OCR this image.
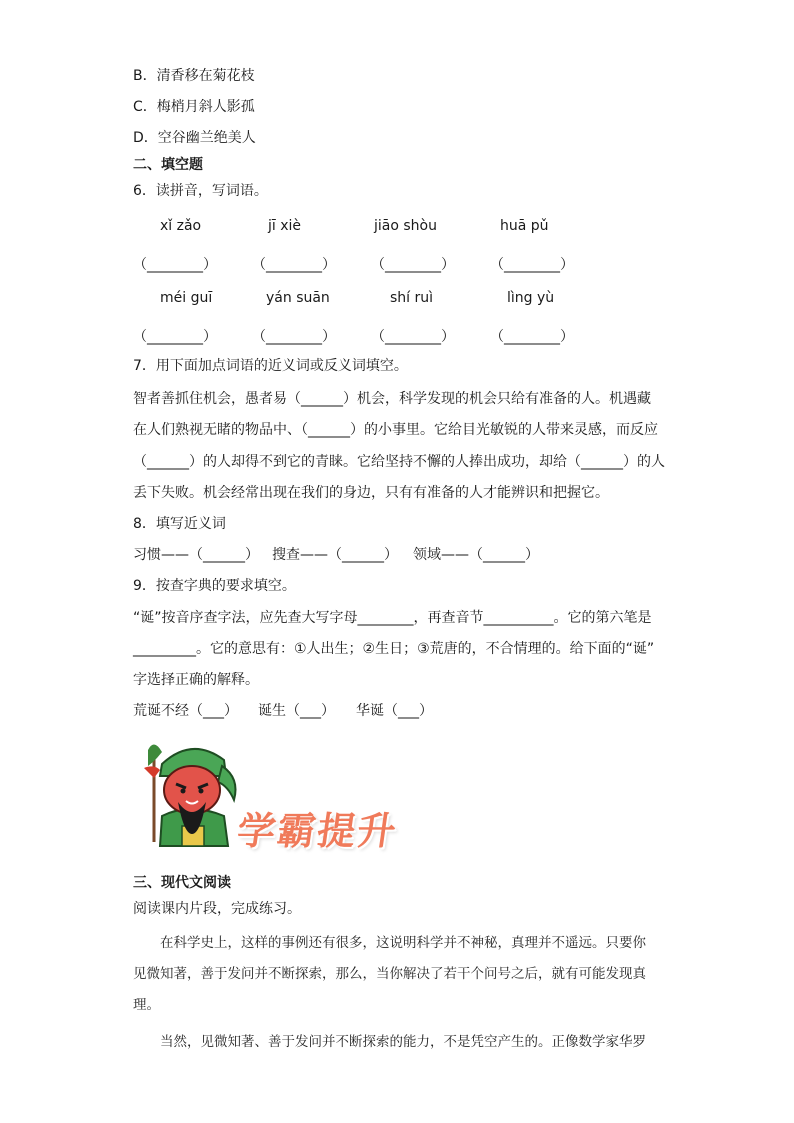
B．清香移在菊花枝
C．梅梢月斜人影孤
D．空谷幽兰绝美人
二、填空题
6．读拼音，写词语。
xǐ zǎo	jī xiè	jiāo shòu	huā pǔ
（________）	（________）	（________）	（________）
méi guī	yán suān	shí ruì	lìng yù
（________）	（________）	（________）	（________）
7．用下面加点词语的近义词或反义词填空。
智者善抓住机会，愚者易（______）机会，科学发现的机会只给有准备的人。机遇藏
在人们熟视无睹的物品中、（______）的小事里。它给目光敏锐的人带来灵感，而反应
（______）的人却得不到它的青睐。它给坚持不懈的人捧出成功，却给（______）的人
丢下失败。机会经常出现在我们的身边，只有有准备的人才能辨识和把握它。
8．填写近义词
习惯——（______） 搜查——（______） 领域——（______）
9．按查字典的要求填空。
“诞”按音序查字法，应先查大写字母________，再查音节__________。它的第六笔是
_________。它的意思有：①人出生；②生日；③荒唐的，不合情理的。给下面的“诞”
字选择正确的解释。
荒诞不经（___） 诞生（___） 华诞（___）
学霸提升
三、现代文阅读
阅读课内片段，完成练习。
在科学史上，这样的事例还有很多，这说明科学并不神秘，真理并不遥远。只要你
见微知著，善于发问并不断探索，那么，当你解决了若干个问号之后，就有可能发现真
理。
当然，见微知著、善于发问并不断探索的能力，不是凭空产生的。正像数学家华罗
